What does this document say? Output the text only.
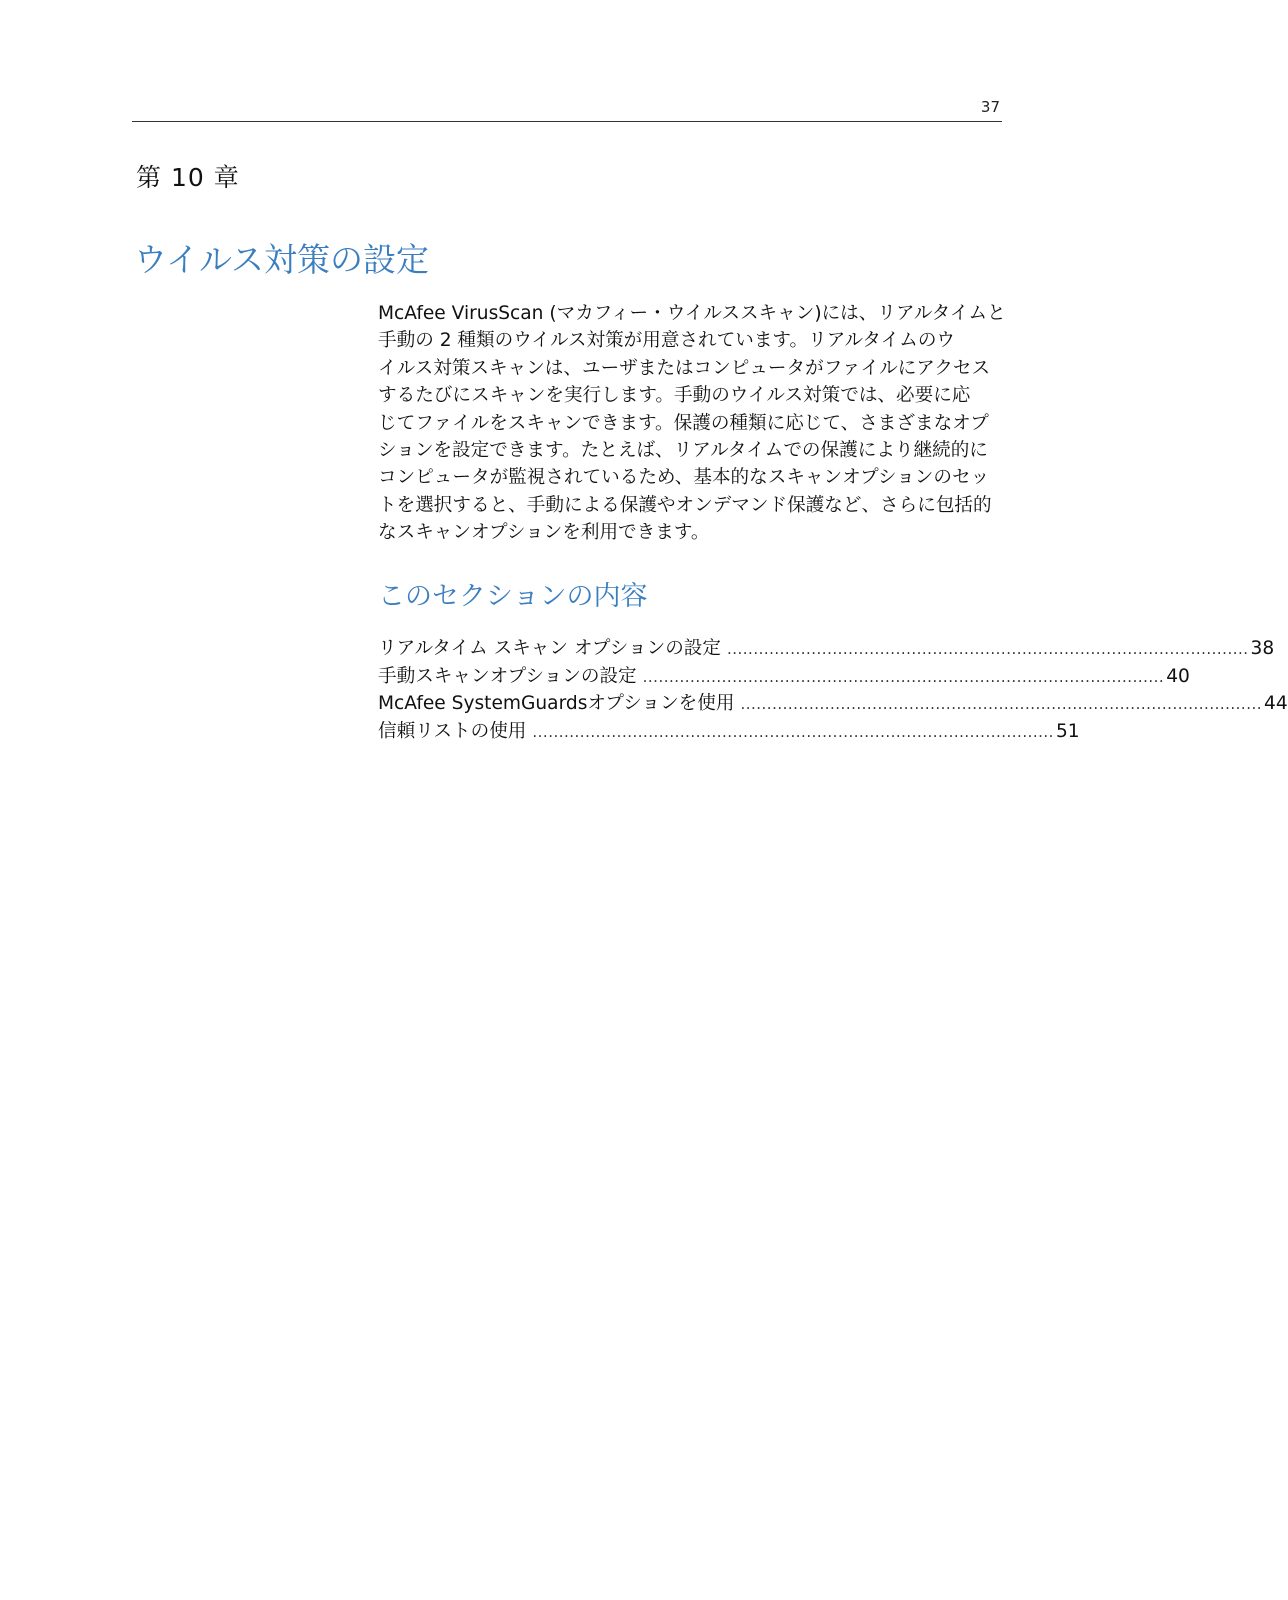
37
第 10 章
ウイルス対策の設定
McAfee VirusScan (マカフィー・ウイルススキャン)には、リアルタイムと
手動の 2 種類のウイルス対策が用意されています。リアルタイムのウ
イルス対策スキャンは、ユーザまたはコンピュータがファイルにアクセス
するたびにスキャンを実行します。手動のウイルス対策では、必要に応
じてファイルをスキャンできます。保護の種類に応じて、さまざまなオプ
ションを設定できます。たとえば、リアルタイムでの保護により継続的に
コンピュータが監視されているため、基本的なスキャンオプションのセッ
トを選択すると、手動による保護やオンデマンド保護など、さらに包括的
なスキャンオプションを利用できます。
このセクションの内容
リアルタイム スキャン オプションの設定 ................................................................................................... 38
手動スキャンオプションの設定 ................................................................................................... 40
McAfee SystemGuardsオプションを使用 ................................................................................................... 44
信頼リストの使用 ................................................................................................... 51
